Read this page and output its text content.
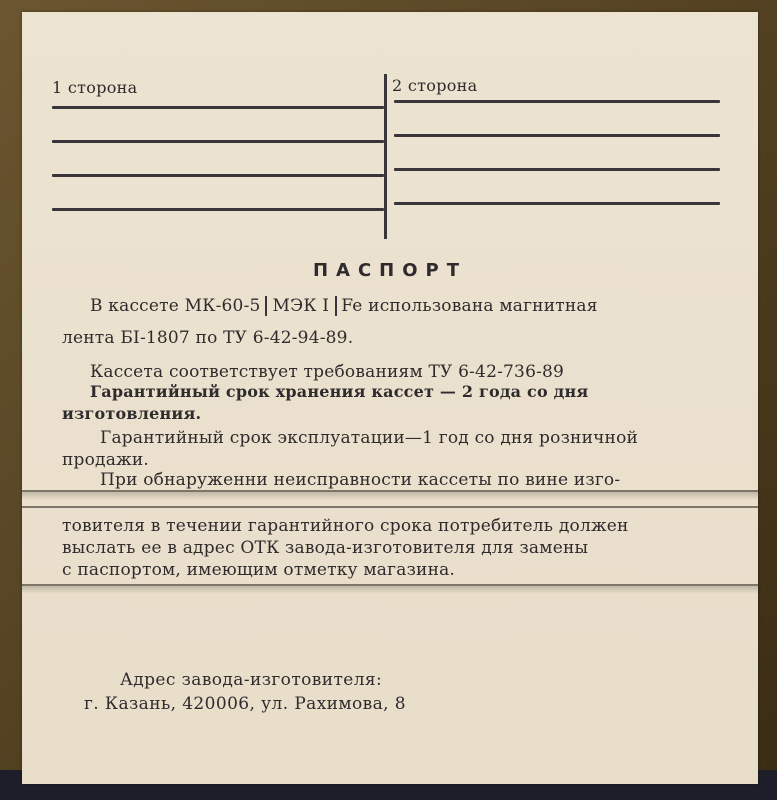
1 сторона	2 сторона
ПАСПОРТ
В кассете МК-60-5 МЭК I Fe использована магнитная
лента БІ-1807 по ТУ 6-42-94-89.
Кассета соответствует требованиям ТУ 6-42-736-89
Гарантийный срок хранения кассет — 2 года со дня
изготовления.
Гарантийный срок эксплуатации—1 год со дня розничной
продажи.
При обнаруженни неисправности кассеты по вине изго-
товителя в течении гарантийного срока потребитель должен
выслать ее в адрес ОТК завода-изготовителя для замены
с паспортом, имеющим отметку магазина.
Адрес завода-изготовителя:
г. Казань, 420006, ул. Рахимова, 8
